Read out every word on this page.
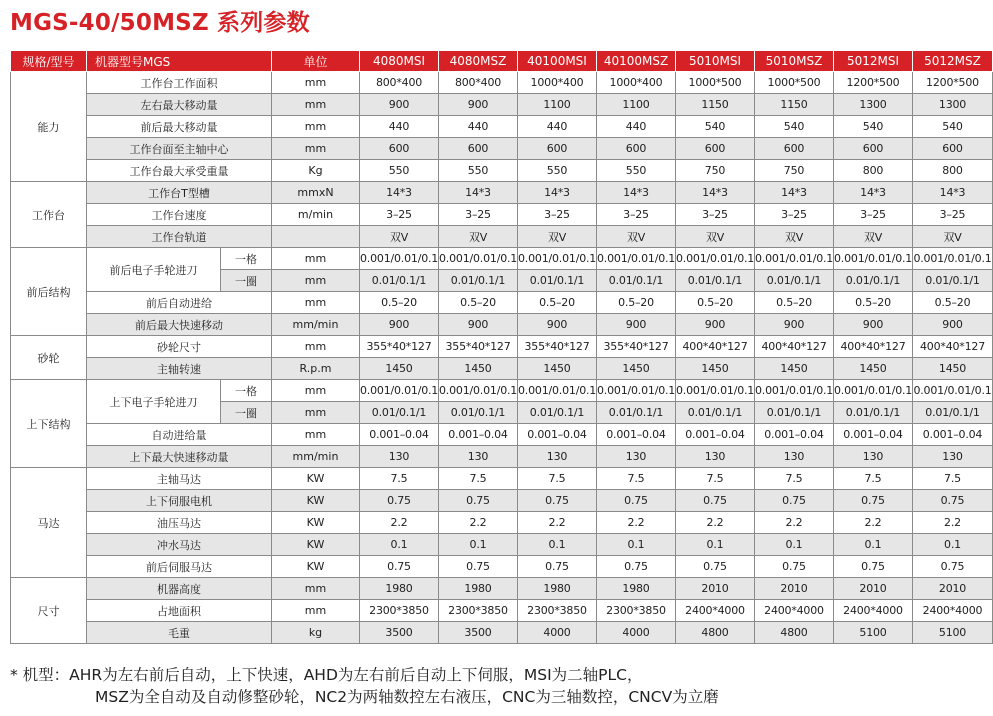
MGS-40/50MSZ 系列参数
规格/型号	机器型号MGS		单位	4080MSI	4080MSZ	40100MSI	40100MSZ	5010MSI	5010MSZ	5012MSI	5012MSZ
能力	工作台工作面积		mm	800*400	800*400	1000*400	1000*400	1000*500	1000*500	1200*500	1200*500
	左右最大移动量		mm	900	900	1100	1100	1150	1150	1300	1300
	前后最大移动量		mm	440	440	440	440	540	540	540	540
	工作台面至主轴中心		mm	600	600	600	600	600	600	600	600
	工作台最大承受重量		Kg	550	550	550	550	750	750	800	800
工作台	工作台T型槽		mmxN	14*3	14*3	14*3	14*3	14*3	14*3	14*3	14*3
	工作台速度		m/min	3–25	3–25	3–25	3–25	3–25	3–25	3–25	3–25
	工作台轨道			双V	双V	双V	双V	双V	双V	双V	双V
前后结构	前后电子手轮进刀	一格	mm	0.001/0.01/0.1	0.001/0.01/0.1	0.001/0.01/0.1	0.001/0.01/0.1	0.001/0.01/0.1	0.001/0.01/0.1	0.001/0.01/0.1	0.001/0.01/0.1
		一圈	mm	0.01/0.1/1	0.01/0.1/1	0.01/0.1/1	0.01/0.1/1	0.01/0.1/1	0.01/0.1/1	0.01/0.1/1	0.01/0.1/1
	前后自动进给		mm	0.5–20	0.5–20	0.5–20	0.5–20	0.5–20	0.5–20	0.5–20	0.5–20
	前后最大快速移动		mm/min	900	900	900	900	900	900	900	900
砂轮	砂轮尺寸		mm	355*40*127	355*40*127	355*40*127	355*40*127	400*40*127	400*40*127	400*40*127	400*40*127
	主轴转速		R.p.m	1450	1450	1450	1450	1450	1450	1450	1450
上下结构	上下电子手轮进刀	一格	mm	0.001/0.01/0.1	0.001/0.01/0.1	0.001/0.01/0.1	0.001/0.01/0.1	0.001/0.01/0.1	0.001/0.01/0.1	0.001/0.01/0.1	0.001/0.01/0.1
		一圈	mm	0.01/0.1/1	0.01/0.1/1	0.01/0.1/1	0.01/0.1/1	0.01/0.1/1	0.01/0.1/1	0.01/0.1/1	0.01/0.1/1
	自动进给量		mm	0.001–0.04	0.001–0.04	0.001–0.04	0.001–0.04	0.001–0.04	0.001–0.04	0.001–0.04	0.001–0.04
	上下最大快速移动量		mm/min	130	130	130	130	130	130	130	130
马达	主轴马达		KW	7.5	7.5	7.5	7.5	7.5	7.5	7.5	7.5
	上下伺服电机		KW	0.75	0.75	0.75	0.75	0.75	0.75	0.75	0.75
	油压马达		KW	2.2	2.2	2.2	2.2	2.2	2.2	2.2	2.2
	冲水马达		KW	0.1	0.1	0.1	0.1	0.1	0.1	0.1	0.1
	前后伺服马达		KW	0.75	0.75	0.75	0.75	0.75	0.75	0.75	0.75
尺寸	机器高度		mm	1980	1980	1980	1980	2010	2010	2010	2010
	占地面积		mm	2300*3850	2300*3850	2300*3850	2300*3850	2400*4000	2400*4000	2400*4000	2400*4000
	毛重		kg	3500	3500	4000	4000	4800	4800	5100	5100
* 机型：AHR为左右前后自动，上下快速，AHD为左右前后自动上下伺服，MSI为二轴PLC，
MSZ为全自动及自动修整砂轮，NC2为两轴数控左右液压，CNC为三轴数控，CNCV为立磨
